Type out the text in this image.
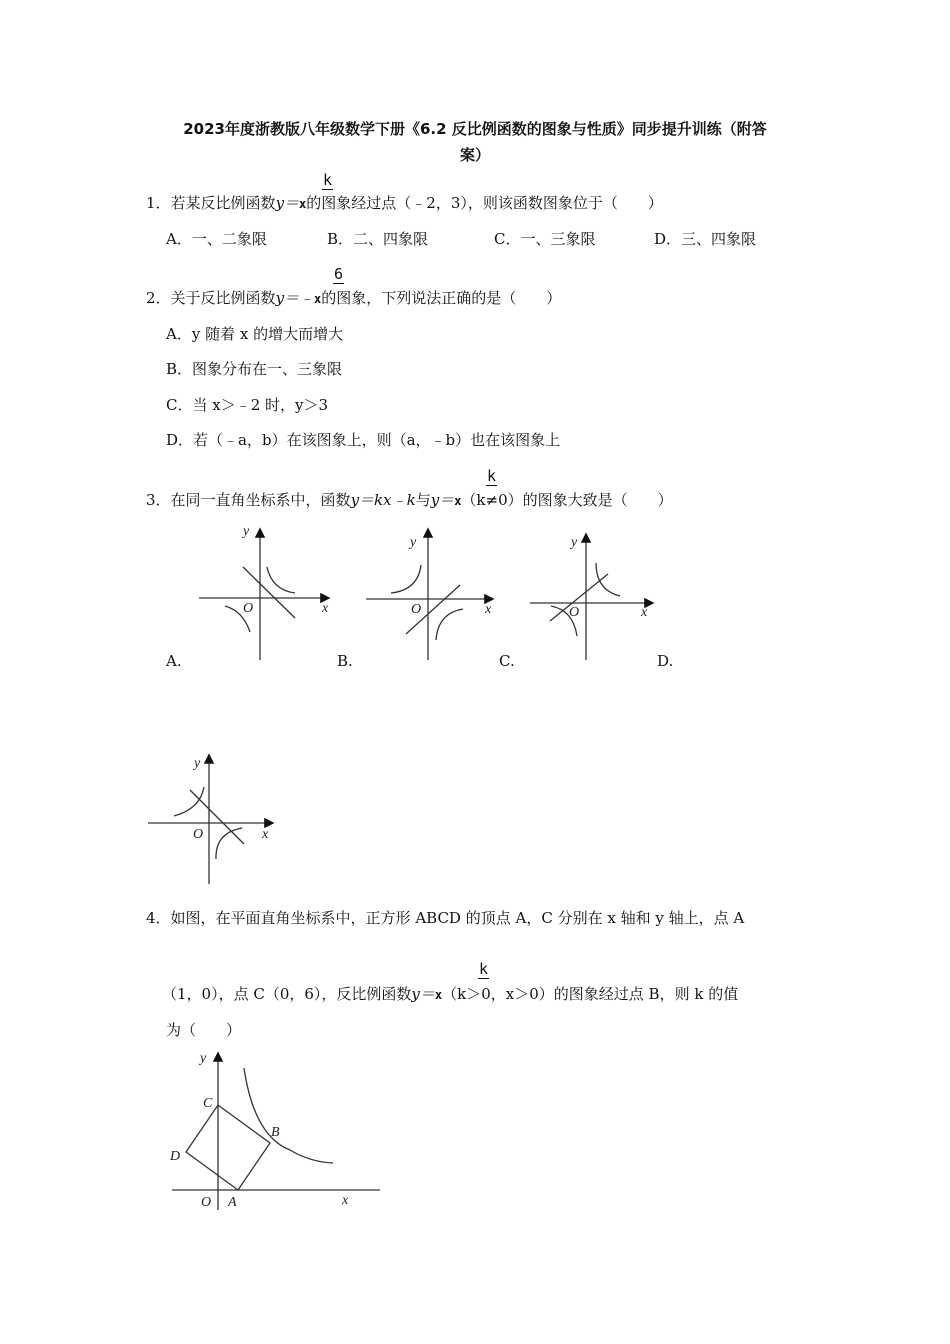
2023年度浙教版八年级数学下册《6.2 反比例函数的图象与性质》同步提升训练（附答
案）
k
1．若某反比例函数y＝x的图象经过点（﹣2，3），则该函数图象位于（　　）
A．一、二象限	B．二、四象限	C．一、三象限	D．三、四象限
6
2．关于反比例函数y＝﹣x的图象，下列说法正确的是（　　）
A．y 随着 x 的增大而增大
B．图象分布在一、三象限
C．当 x＞﹣2 时，y＞3
D．若（﹣a，b）在该图象上，则（a，﹣b）也在该图象上
k
3．在同一直角坐标系中，函数y＝kx﹣k与y＝x（k≠0）的图象大致是（　　）
y
x
O
y
x
O
y
x
O
y
x
O
A.	B.	C.	D.
4．如图，在平面直角坐标系中，正方形 ABCD 的顶点 A，C 分别在 x 轴和 y 轴上，点 A
k
（1，0），点 C（0，6），反比例函数y＝x（k＞0，x＞0）的图象经过点 B，则 k 的值
为（　　）
y
x
O A
B
C
D
